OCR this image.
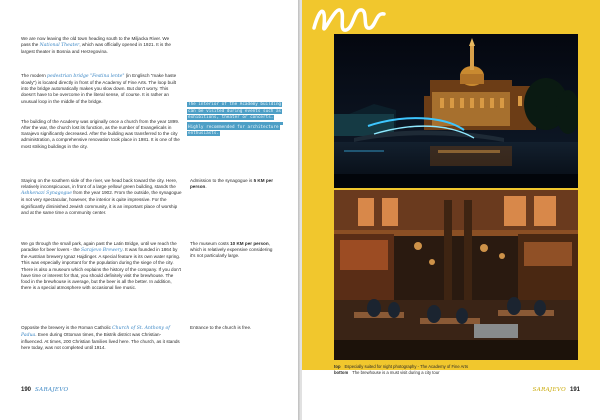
We are now leaving the old town heading south to the Miljacka River. We pass the National Theater, which was officially opened in 1921. It is the largest theater in Bosnia and Herzegovina.

The modern pedestrian bridge "Festina lente" (in Englisch "make haste slowly") is located directly in front of the Academy of Fine Arts. The loop built into the bridge automatically makes you slow down. But don't worry. This doesn't have to be overcome in the literal sense, of course. It is rather an unusual loop in the middle of the bridge.

The building of the Academy was originally once a church from the year 1899. After the war, the church lost its function, as the number of Evangelicals in Sarajevo significantly decreased. After the building was transferred to the city administration, a comprehensive renovation took place in 1981. It is one of the most striking buildings in the city.

Staying on the southern side of the river, we head back toward the city. Here, relatively inconspicuous, in front of a large yellow/ green building, stands the Ashkenazi Synagogue from the year 1902. From the outside, the synagogue is not very spectacular, however, the interior is quite impressive. For the significantly diminished Jewish community, it is an important place of worship and at the same time a community center.

We go through the small park, again past the Latin Bridge, until we reach the paradise for beer lovers - the Sarajevo Brewery. It was founded in 1864 by the Austrian brewery Ignaz Hajdinger. A special feature is its own water spring. This was especially important for the population during the siege of the city. There is also a museum which explains the history of the company. If you don't have time or interest for that, you should definitely visit the brewhouse. The food in the brewhouse is average, but the beer is all the better. In addition, there is a special atmosphere with occasional live music.

Opposite the brewery is the Roman Catholic Church of St. Anthony of Padua. Even during Ottoman times, the Bistrik district was Christian-influenced. At times, 200 Christian families lived here. The church, as it stands here today, was not completed until 1914.

The interior of the Academy building can be visited during events such as exhibitions, theater or concerts.
Highly recommended for architecture enthusiasts.

Admission to the synagogue is 5 KM per person.

The museum costs 10 KM per person, which is relatively expensive considering it's not particularly large.

Entrance to the church is free.

190 SARAJEVO
top Especially suited for night photography - The Academy of Fine Arts
bottom The brewhouse is a must visit during a city tour
SARAJEVO 191
